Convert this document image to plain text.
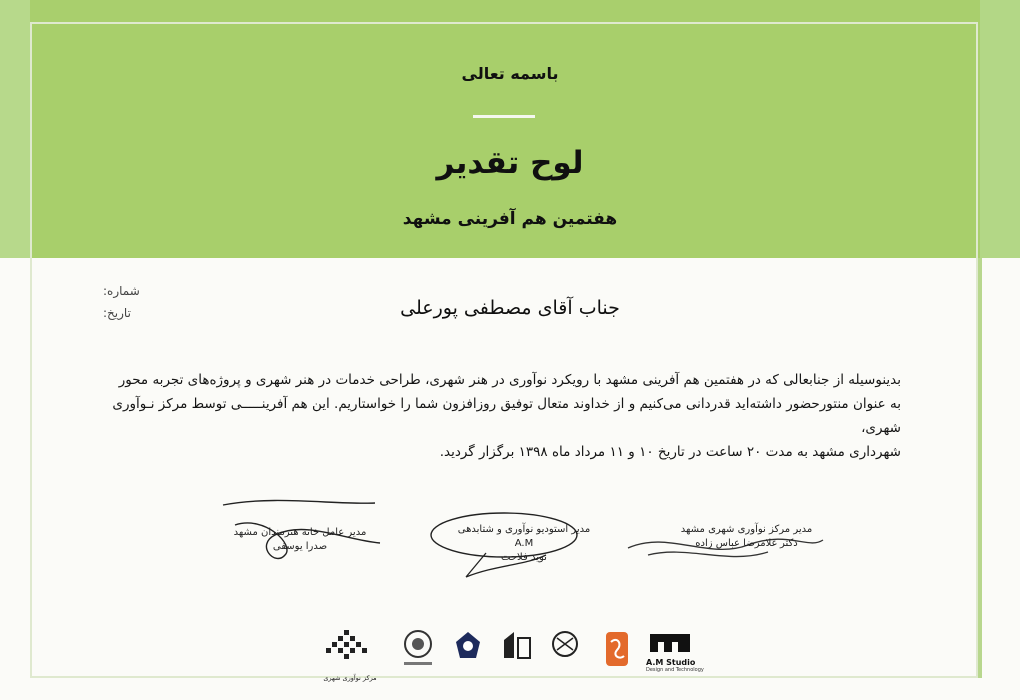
باسمه تعالی
لوح تقدیر
هفتمین هم آفرینی مشهد
شماره:
تاریخ:	جناب آقای مصطفی پورعلی

بدینوسیله از جنابعالی که در هفتمین هم آفرینی مشهد با رویکرد نوآوری در هنر شهری، طراحی خدمات در هنر شهری و پروژه‌های تجربه محور

به عنوان منتورحضور داشته‌اید قدردانی می‌کنیم و از خداوند متعال توفیق روزافزون شما را خواستاریم. این هم آفرینـــــی توسط مرکز نـوآوری شهری،

شهرداری مشهد به مدت ۲۰ ساعت در تاریخ ۱۰ و ۱۱ مرداد ماه ۱۳۹۸ برگزار گردید.

مدیر مرکز نوآوری شهری مشهد
دکتر غلامرضا عباس زاده
مدیر استودیو نوآوری و شتابدهی A.M
نوید فلاحت
مدیر عامل خانه هنرمندان مشهد
صدرا یوسفی
مرکز نوآوری شهری
A.M Studio
Design and Technology
